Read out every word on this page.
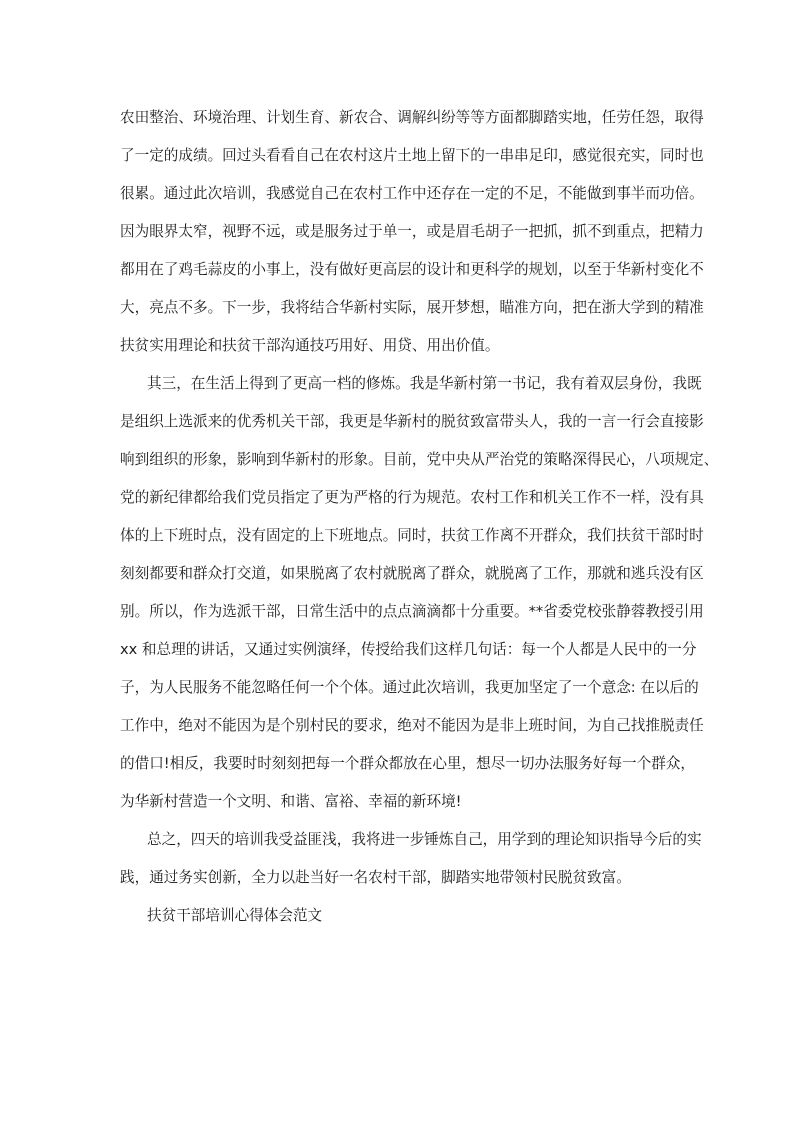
农田整治、环境治理、计划生育、新农合、调解纠纷等等方面都脚踏实地，任劳任怨，取得
了一定的成绩。回过头看看自己在农村这片土地上留下的一串串足印，感觉很充实，同时也
很累。通过此次培训，我感觉自己在农村工作中还存在一定的不足，不能做到事半而功倍。
因为眼界太窄，视野不远，或是服务过于单一，或是眉毛胡子一把抓，抓不到重点，把精力
都用在了鸡毛蒜皮的小事上，没有做好更高层的设计和更科学的规划，以至于华新村变化不
大，亮点不多。下一步，我将结合华新村实际，展开梦想，瞄准方向，把在浙大学到的精准
扶贫实用理论和扶贫干部沟通技巧用好、用贷、用出价值。
其三，在生活上得到了更高一档的修炼。我是华新村第一书记，我有着双层身份，我既
是组织上选派来的优秀机关干部，我更是华新村的脱贫致富带头人，我的一言一行会直接影
响到组织的形象，影响到华新村的形象。目前，党中央从严治党的策略深得民心，八项规定、
党的新纪律都给我们党员指定了更为严格的行为规范。农村工作和机关工作不一样，没有具
体的上下班时点，没有固定的上下班地点。同时，扶贫工作离不开群众，我们扶贫干部时时
刻刻都要和群众打交道，如果脱离了农村就脱离了群众，就脱离了工作，那就和逃兵没有区
别。所以，作为选派干部，日常生活中的点点滴滴都十分重要。**省委党校张静蓉教授引用
xx 和总理的讲话，又通过实例演绎，传授给我们这样几句话：每一个人都是人民中的一分
子，为人民服务不能忽略任何一个个体。通过此次培训，我更加坚定了一个意念: 在以后的
工作中，绝对不能因为是个别村民的要求，绝对不能因为是非上班时间，为自己找推脱责任
的借口!相反，我要时时刻刻把每一个群众都放在心里，想尽一切办法服务好每一个群众，
为华新村营造一个文明、和谐、富裕、幸福的新环境!
总之，四天的培训我受益匪浅，我将进一步锤炼自己，用学到的理论知识指导今后的实
践，通过务实创新，全力以赴当好一名农村干部，脚踏实地带领村民脱贫致富。
扶贫干部培训心得体会范文
